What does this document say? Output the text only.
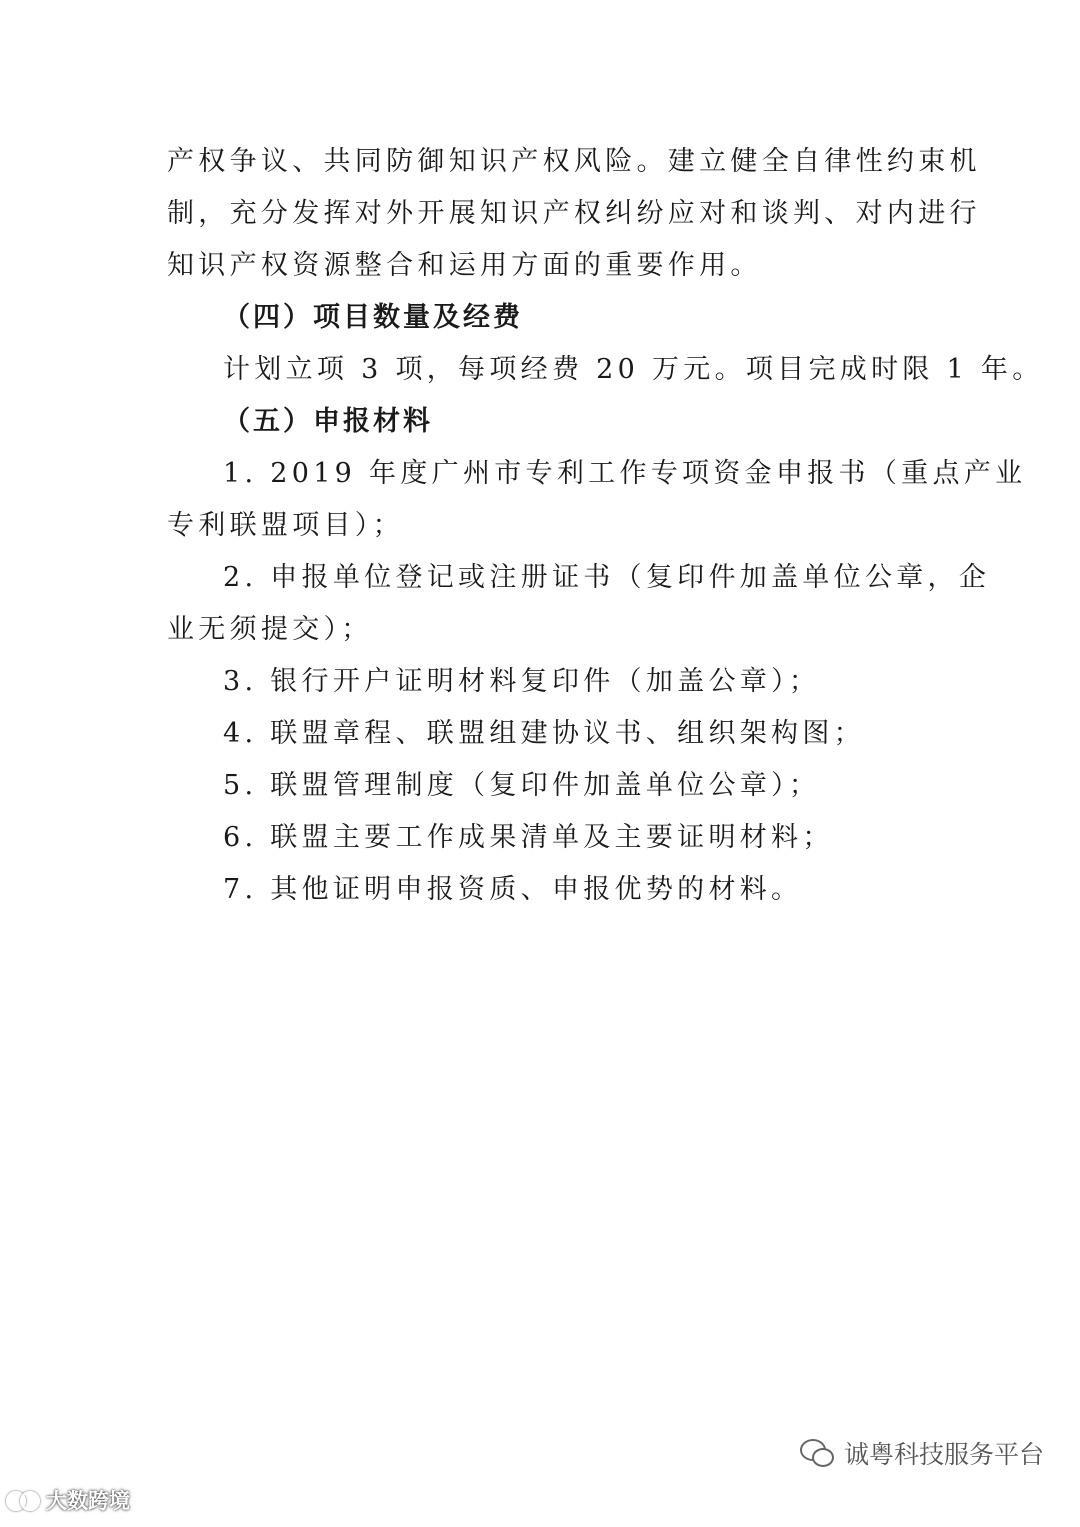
产权争议、共同防御知识产权风险。建立健全自律性约束机

制，充分发挥对外开展知识产权纠纷应对和谈判、对内进行

知识产权资源整合和运用方面的重要作用。

（四）项目数量及经费

计划立项 3 项，每项经费 20 万元。项目完成时限 1 年。

（五）申报材料

1. 2019 年度广州市专利工作专项资金申报书（重点产业

专利联盟项目）；

2. 申报单位登记或注册证书（复印件加盖单位公章，企

业无须提交）；

3. 银行开户证明材料复印件（加盖公章）；

4. 联盟章程、联盟组建协议书、组织架构图；

5. 联盟管理制度（复印件加盖单位公章）；

6. 联盟主要工作成果清单及主要证明材料；

7. 其他证明申报资质、申报优势的材料。

诚粤科技服务平台
大数跨境
